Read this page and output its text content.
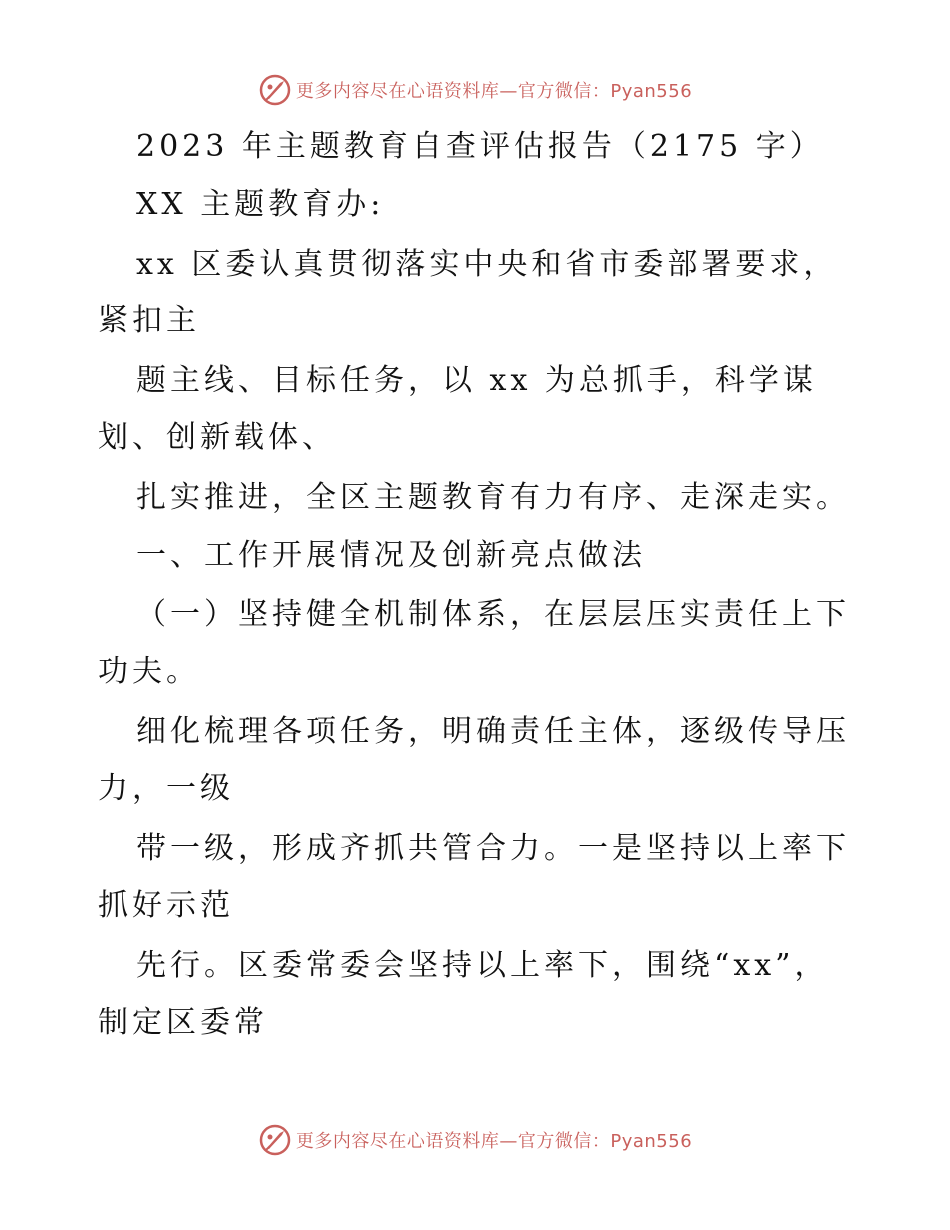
更多内容尽在心语资料库—官方微信：Pyan556
2023 年主题教育自查评估报告（2175 字）
XX 主题教育办:
xx 区委认真贯彻落实中央和省市委部署要求，
紧扣主
题主线、目标任务，以 xx 为总抓手，科学谋
划、创新载体、
扎实推进，全区主题教育有力有序、走深走实。
一、工作开展情况及创新亮点做法
（一）坚持健全机制体系，在层层压实责任上下
功夫。
细化梳理各项任务，明确责任主体，逐级传导压
力，一级
带一级，形成齐抓共管合力。一是坚持以上率下
抓好示范
先行。区委常委会坚持以上率下，围绕“xx”，
制定区委常
更多内容尽在心语资料库—官方微信：Pyan556
